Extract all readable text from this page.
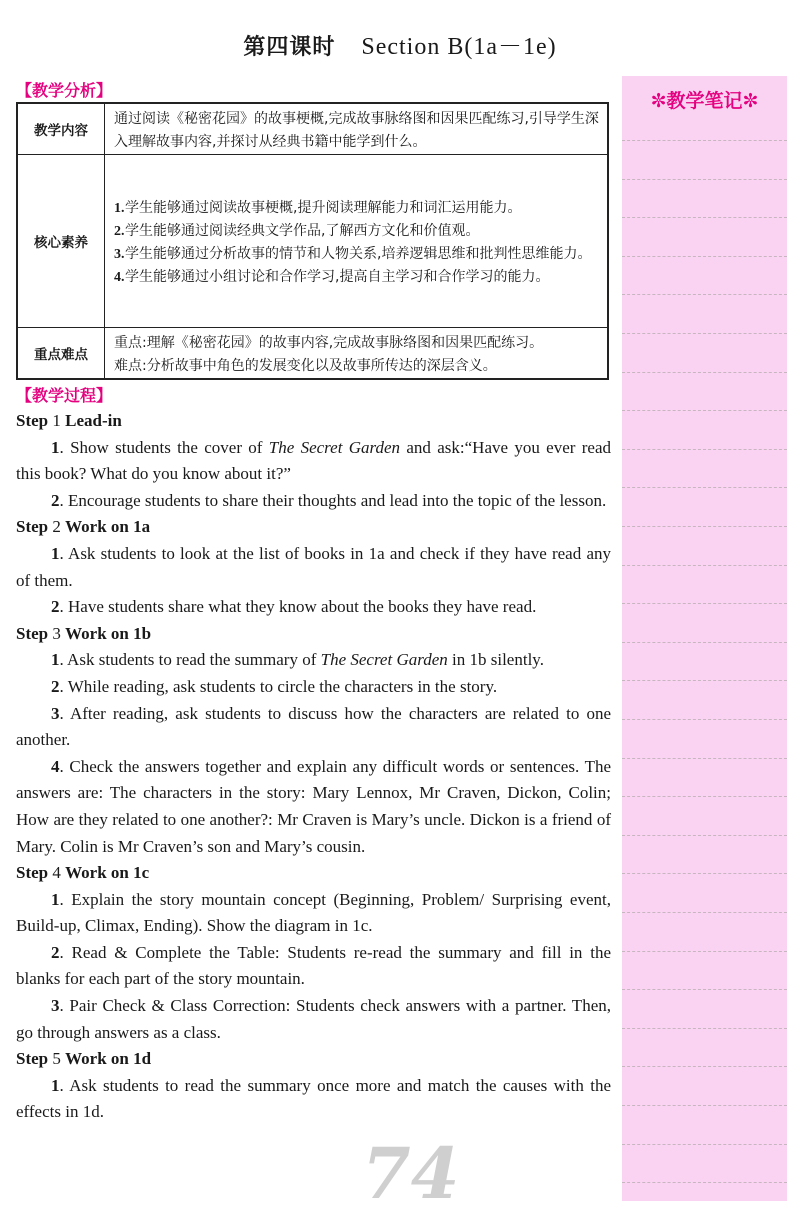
第四课时 Section B(1a－1e)
✼教学笔记✼
【教学分析】
教学内容

通过阅读《秘密花园》的故事梗概,完成故事脉络图和因果匹配练习,引导学生深入理解故事内容,并探讨从经典书籍中能学到什么。

核心素养
1. 学生能够通过阅读故事梗概,提升阅读理解能力和词汇运用能力。
2. 学生能够通过阅读经典文学作品,了解西方文化和价值观。
3. 学生能够通过分析故事的情节和人物关系,培养逻辑思维和批判性思维能力。
4. 学生能够通过小组讨论和合作学习,提高自主学习和合作学习的能力。
重点难点

重点:理解《秘密花园》的故事内容,完成故事脉络图和因果匹配练习。

难点:分析故事中角色的发展变化以及故事所传达的深层含义。

【教学过程】
Step 1 Lead-in

1. Show students the cover of The Secret Garden and ask:“Have you ever read this book? What do you know about it?”

2. Encourage students to share their thoughts and lead into the topic of the lesson.

Step 2 Work on 1a

1. Ask students to look at the list of books in 1a and check if they have read any of them.

2. Have students share what they know about the books they have read.

Step 3 Work on 1b

1. Ask students to read the summary of The Secret Garden in 1b silently.

2. While reading, ask students to circle the characters in the story.

3. After reading, ask students to discuss how the characters are related to one another.

4. Check the answers together and explain any difficult words or sentences. The answers are: The characters in the story: Mary Lennox, Mr Craven, Dickon, Colin; How are they related to one another?: Mr Craven is Mary’s uncle. Dickon is a friend of Mary. Colin is Mr Craven’s son and Mary’s cousin.

Step 4 Work on 1c

1. Explain the story mountain concept (Beginning, Problem/ Surprising event, Build-up, Climax, Ending). Show the diagram in 1c.

2. Read & Complete the Table: Students re-read the summary and fill in the blanks for each part of the story mountain.

3. Pair Check & Class Correction: Students check answers with a partner. Then, go through answers as a class.

Step 5 Work on 1d

1. Ask students to read the summary once more and match the causes with the effects in 1d.

74
